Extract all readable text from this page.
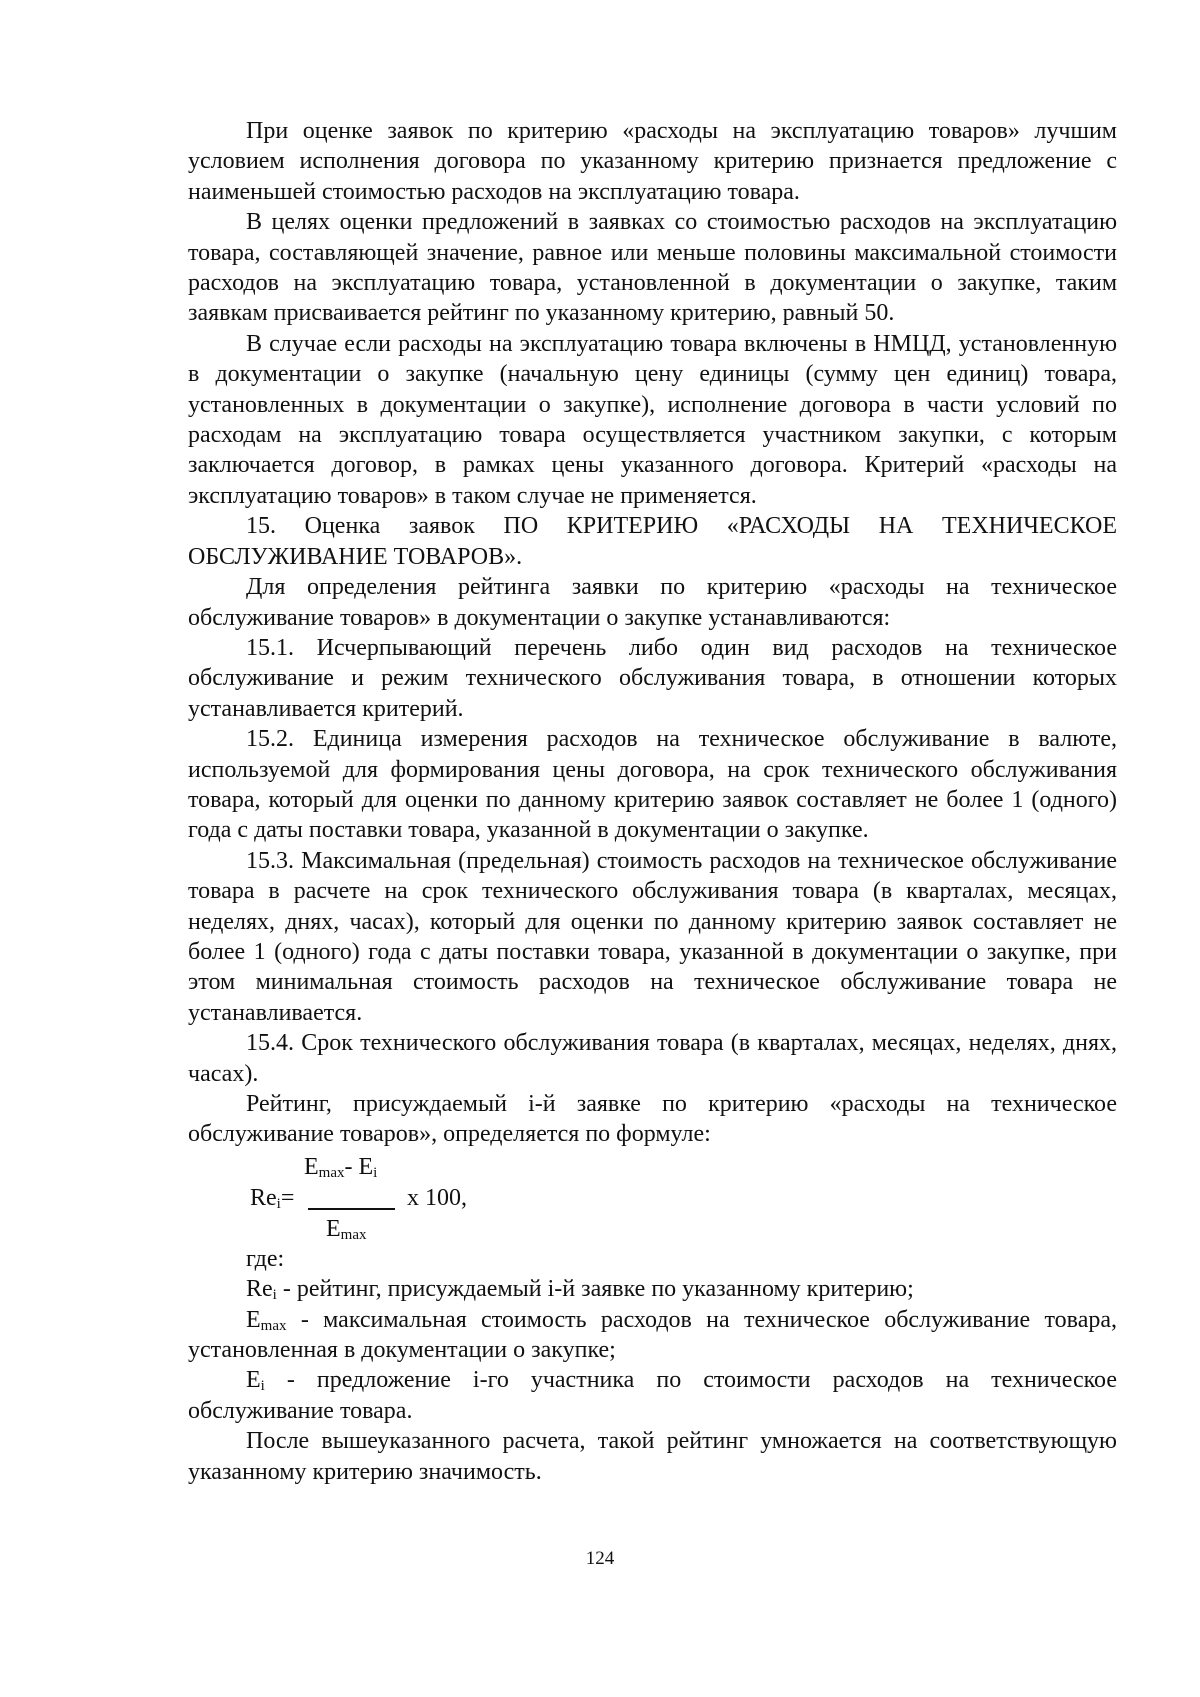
При оценке заявок по критерию «расходы на эксплуатацию товаров» лучшим условием исполнения договора по указанному критерию признается предложение с наименьшей стоимостью расходов на эксплуатацию товара.

В целях оценки предложений в заявках со стоимостью расходов на эксплуатацию товара, составляющей значение, равное или меньше половины максимальной стоимости расходов на эксплуатацию товара, установленной в документации о закупке, таким заявкам присваивается рейтинг по указанному критерию, равный 50.

В случае если расходы на эксплуатацию товара включены в НМЦД, установленную в документации о закупке (начальную цену единицы (сумму цен единиц) товара, установленных в документации о закупке), исполнение договора в части условий по расходам на эксплуатацию товара осуществляется участником закупки, с которым заключается договор, в рамках цены указанного договора. Критерий «расходы на эксплуатацию товаров» в таком случае не применяется.

15. Оценка заявок ПО КРИТЕРИЮ «РАСХОДЫ НА ТЕХНИЧЕСКОЕ ОБСЛУЖИВАНИЕ ТОВАРОВ».

Для определения рейтинга заявки по критерию «расходы на техническое обслуживание товаров» в документации о закупке устанавливаются:

15.1. Исчерпывающий перечень либо один вид расходов на техническое обслуживание и режим технического обслуживания товара, в отношении которых устанавливается критерий.

15.2. Единица измерения расходов на техническое обслуживание в валюте, используемой для формирования цены договора, на срок технического обслуживания товара, который для оценки по данному критерию заявок составляет не более 1 (одного) года с даты поставки товара, указанной в документации о закупке.

15.3. Максимальная (предельная) стоимость расходов на техническое обслуживание товара в расчете на срок технического обслуживания товара (в кварталах, месяцах, неделях, днях, часах), который для оценки по данному критерию заявок составляет не более 1 (одного) года с даты поставки товара, указанной в документации о закупке, при этом минимальная стоимость расходов на техническое обслуживание товара не устанавливается.

15.4. Срок технического обслуживания товара (в кварталах, месяцах, неделях, днях, часах).

Рейтинг, присуждаемый i-й заявке по критерию «расходы на техническое обслуживание товаров», определяется по формуле:

$E_{max}-$ $E_i$
$Re_i=$	x 100,
$E_{max}$

где:

$Re_i$ - рейтинг, присуждаемый i-й заявке по указанному критерию;

$E_{max}$ - максимальная стоимость расходов на техническое обслуживание товара, установленная в документации о закупке;

$E_i$ - предложение i-го участника по стоимости расходов на техническое обслуживание товара.

После вышеуказанного расчета, такой рейтинг умножается на соответствующую указанному критерию значимость.

124
